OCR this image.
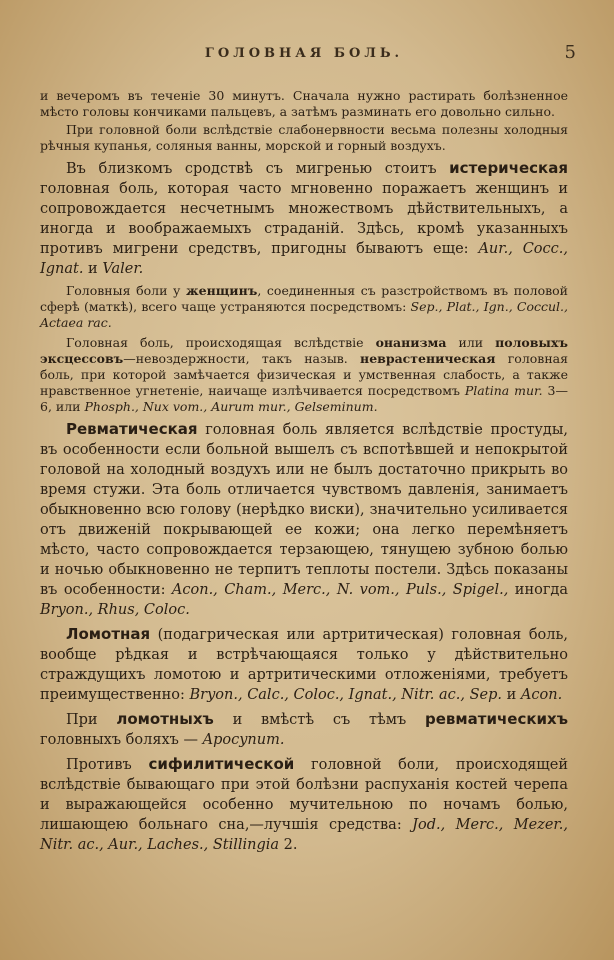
ГОЛОВНАЯ БОЛЬ.	5

и вечеромъ въ теченіе 30 минутъ. Сначала нужно растирать болѣзненное мѣсто головы кончиками пальцевъ, а затѣмъ разминать его довольно сильно.

При головной боли вслѣдствіе слабонервности весьма полезны холодныя рѣчныя купанья, соляныя ванны, морской и горный воздухъ.

Въ близкомъ сродствѣ съ мигренью стоитъ истерическая головная боль, которая часто мгновенно поражаетъ женщинъ и сопровождается несчетнымъ множествомъ дѣйствительныхъ, а иногда и воображаемыхъ страданій. Здѣсь, кромѣ указанныхъ противъ мигрени средствъ, пригодны бываютъ еще: Aur., Cocc., Ignat. и Valer.

Головныя боли у женщинъ, соединенныя съ разстройствомъ въ половой сферѣ (маткѣ), всего чаще устраняются посредствомъ: Sep., Plat., Ign., Coccul., Actaea rac.

Головная боль, происходящая вслѣдствіе онанизма или половыхъ эксцессовъ—невоздержности, такъ назыв. неврастеническая головная боль, при которой замѣчается физическая и умственная слабость, а также нравственное угнетеніе, наичаще излѣчивается посредствомъ Platina mur. 3—6, или Phosph., Nux vom., Aurum mur., Gelseminum.

Ревматическая головная боль является вслѣдствіе простуды, въ особенности если больной вышелъ съ вспотѣвшей и непокрытой головой на холодный воздухъ или не былъ достаточно прикрыть во время стужи. Эта боль отличается чувствомъ давленія, занимаетъ обыкновенно всю голову (нерѣдко виски), значительно усиливается отъ движеній покрывающей ее кожи; она легко перемѣняетъ мѣсто, часто сопровождается терзающею, тянущею зубною болью и ночью обыкновенно не терпитъ теплоты постели. Здѣсь показаны въ особенности: Acon., Cham., Merc., N. vom., Puls., Spigel., иногда Bryon., Rhus, Coloc.

Ломотная (подагрическая или артритическая) головная боль, вообще рѣдкая и встрѣчающаяся только у дѣйствительно страждущихъ ломотою и артритическими отложеніями, требуетъ преимущественно: Bryon., Calc., Coloc., Ignat., Nitr. ac., Sep. и Acon.

При ломотныхъ и вмѣстѣ съ тѣмъ ревматическихъ головныхъ боляхъ — Apocynum.

Противъ сифилитической головной боли, происходящей вслѣдствіе бывающаго при этой болѣзни распуханія костей черепа и выражающейся особенно мучительною по ночамъ болью, лишающею больнаго сна,—лучшія средства: Jod., Merc., Mezer., Nitr. ac., Aur., Laches., Stillingia 2.
